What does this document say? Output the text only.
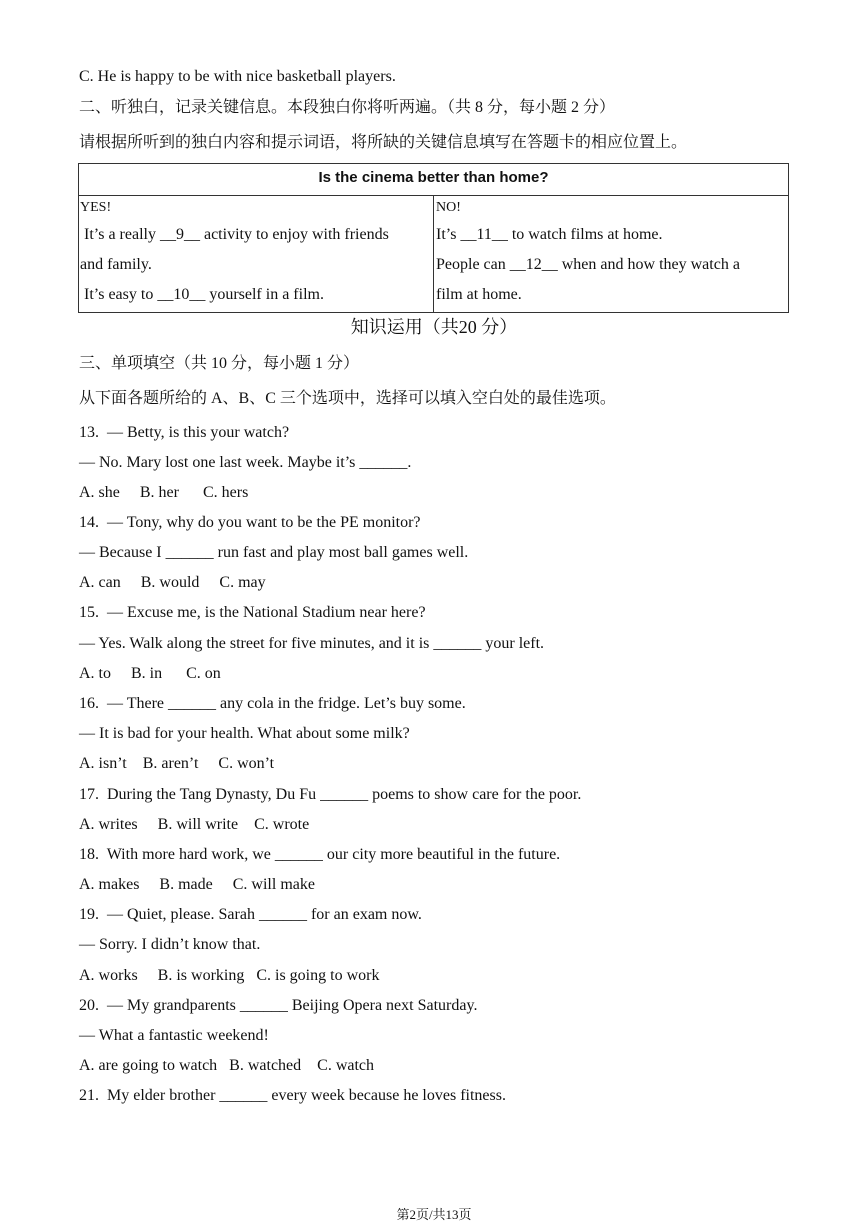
C. He is happy to be with nice basketball players.
二、听独白，记录关键信息。本段独白你将听两遍。（共 8 分，每小题 2 分）
请根据所听到的独白内容和提示词语，将所缺的关键信息填写在答题卡的相应位置上。
Is the cinema better than home?
YES!
It’s a really __9__ activity to enjoy with friends
and family.
It’s easy to __10__ yourself in a film.
NO!
It’s __11__ to watch films at home.
People can __12__ when and how they watch a
film at home.
知识运用（共20 分）
三、单项填空（共 10 分，每小题 1 分）
从下面各题所给的 A、B、C 三个选项中，选择可以填入空白处的最佳选项。
13.  — Betty, is this your watch?
— No. Mary lost one last week. Maybe it’s ______.
A. she     B. her      C. hers
14.  — Tony, why do you want to be the PE monitor?
— Because I ______ run fast and play most ball games well.
A. can     B. would     C. may
15.  — Excuse me, is the National Stadium near here?
— Yes. Walk along the street for five minutes, and it is ______ your left.
A. to     B. in      C. on
16.  — There ______ any cola in the fridge. Let’s buy some.
— It is bad for your health. What about some milk?
A. isn’t    B. aren’t     C. won’t
17.  During the Tang Dynasty, Du Fu ______ poems to show care for the poor.
A. writes     B. will write    C. wrote
18.  With more hard work, we ______ our city more beautiful in the future.
A. makes     B. made     C. will make
19.  — Quiet, please. Sarah ______ for an exam now.
— Sorry. I didn’t know that.
A. works     B. is working   C. is going to work
20.  — My grandparents ______ Beijing Opera next Saturday.
— What a fantastic weekend!
A. are going to watch   B. watched    C. watch
21.  My elder brother ______ every week because he loves fitness.
第2页/共13页
